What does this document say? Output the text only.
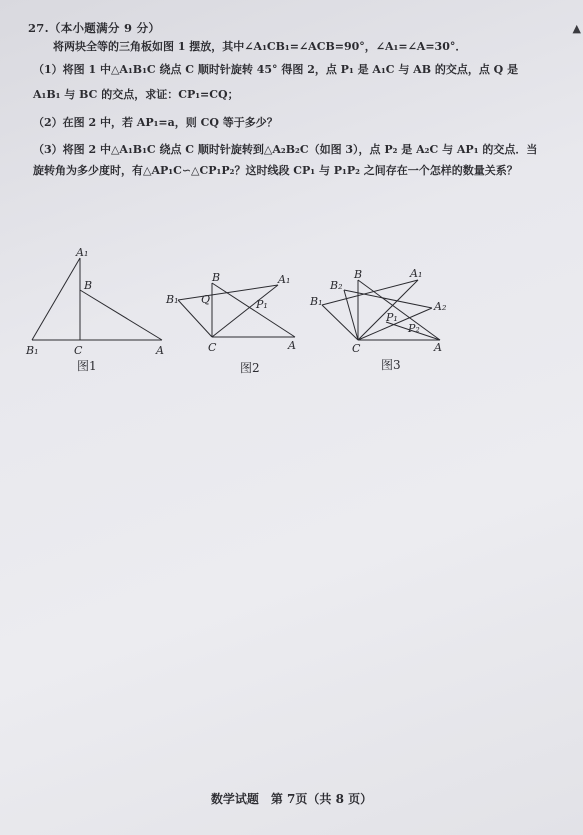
27.（本小题满分 9 分）	▲
将两块全等的三角板如图 1 摆放，其中∠A₁CB₁=∠ACB=90°，∠A₁=∠A=30°．
（1）将图 1 中△A₁B₁C 绕点 C 顺时针旋转 45° 得图 2，点 P₁ 是 A₁C 与 AB 的交点，点 Q 是
A₁B₁ 与 BC 的交点，求证：CP₁=CQ；
（2）在图 2 中，若 AP₁=a，则 CQ 等于多少？
（3）将图 2 中△A₁B₁C 绕点 C 顺时针旋转到△A₂B₂C（如图 3），点 P₂ 是 A₂C 与 AP₁ 的交点．当旋转角为多少度时，有△AP₁C∽△CP₁P₂？这时线段 CP₁ 与 P₁P₂ 之间存在一个怎样的数量关系？
A₁
B
B₁	C	A
图1
B	A₁
B₁ Q	P₁
C	A
图2
B₂
B	A₁
B₁	A₂
P₁
P₂
C	A
图3
数学试题　第 7页（共 8 页）
